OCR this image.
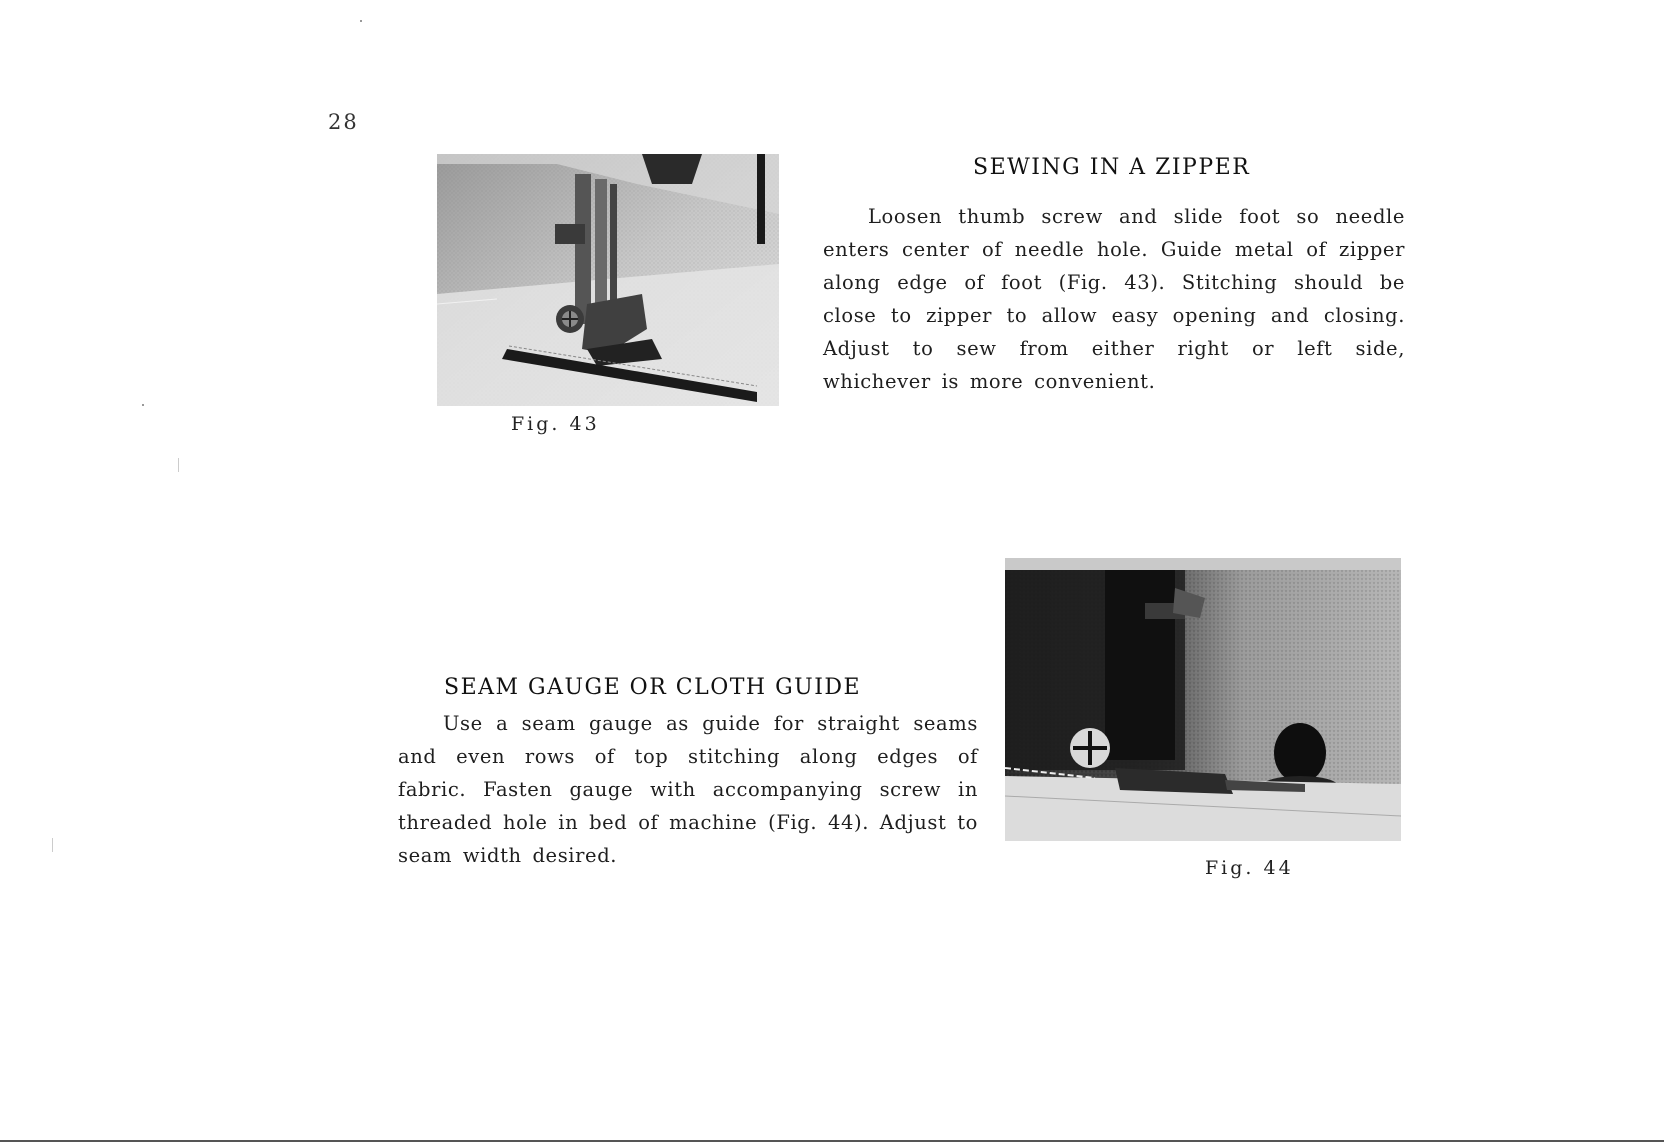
28
Fig. 43
SEWING IN A ZIPPER

Loosen thumb screw and slide foot so needle enters center of needle hole. Guide metal of zipper along edge of foot (Fig. 43). Stitching should be close to zipper to allow easy opening and closing. Adjust to sew from either right or left side, whichever is more convenient.

SEAM GAUGE OR CLOTH GUIDE

Use a seam gauge as guide for straight seams and even rows of top stitching along edges of fabric. Fasten gauge with accompanying screw in threaded hole in bed of machine (Fig. 44). Adjust to seam width desired.

Fig. 44
